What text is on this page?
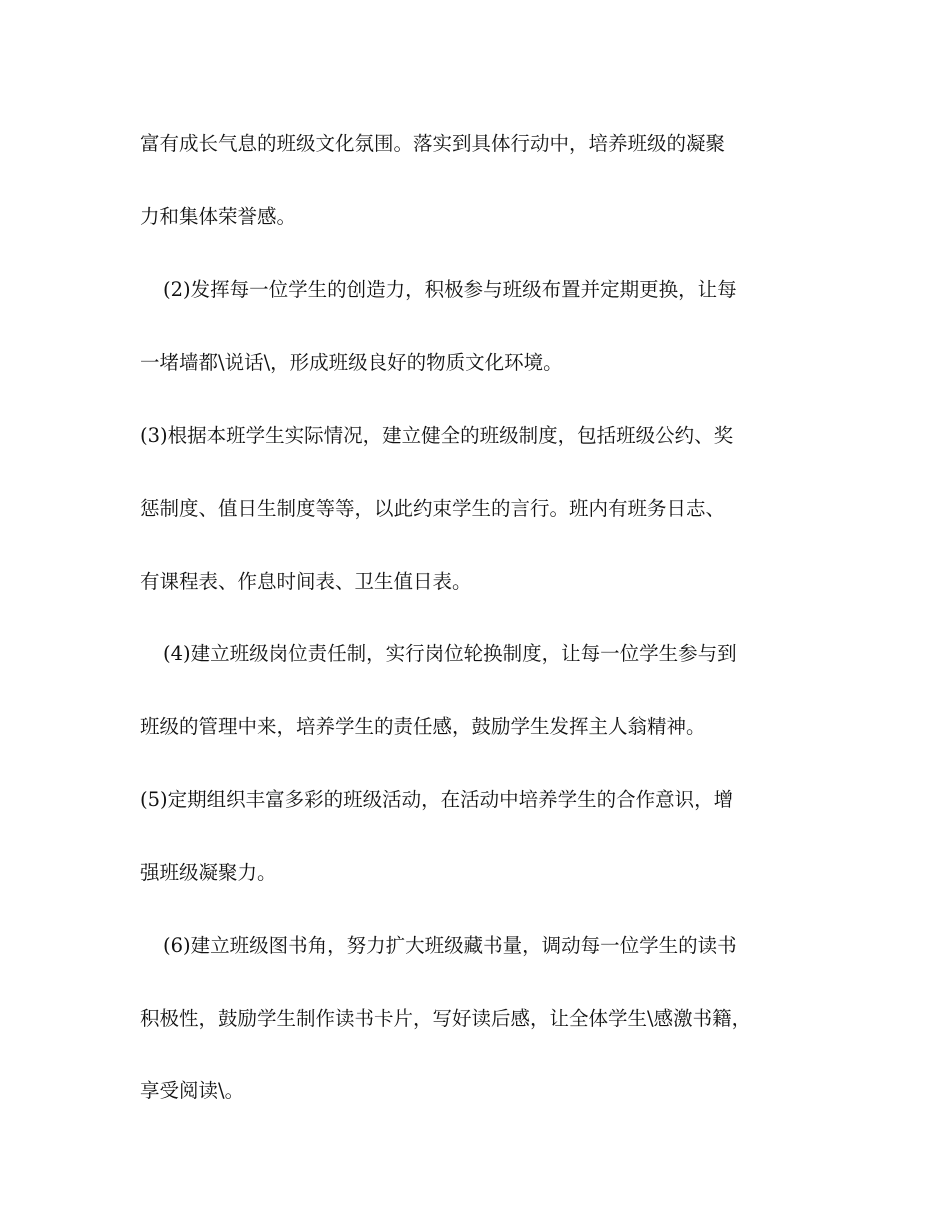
富有成长气息的班级文化氛围。落实到具体行动中，培养班级的凝聚
力和集体荣誉感。
(2)发挥每一位学生的创造力，积极参与班级布置并定期更换，让每
一堵墙都\说话\，形成班级良好的物质文化环境。
(3)根据本班学生实际情况，建立健全的班级制度，包括班级公约、奖
惩制度、值日生制度等等，以此约束学生的言行。班内有班务日志、
有课程表、作息时间表、卫生值日表。
(4)建立班级岗位责任制，实行岗位轮换制度，让每一位学生参与到
班级的管理中来，培养学生的责任感，鼓励学生发挥主人翁精神。
(5)定期组织丰富多彩的班级活动，在活动中培养学生的合作意识，增
强班级凝聚力。
(6)建立班级图书角，努力扩大班级藏书量，调动每一位学生的读书
积极性，鼓励学生制作读书卡片，写好读后感，让全体学生\感激书籍，
享受阅读\。
